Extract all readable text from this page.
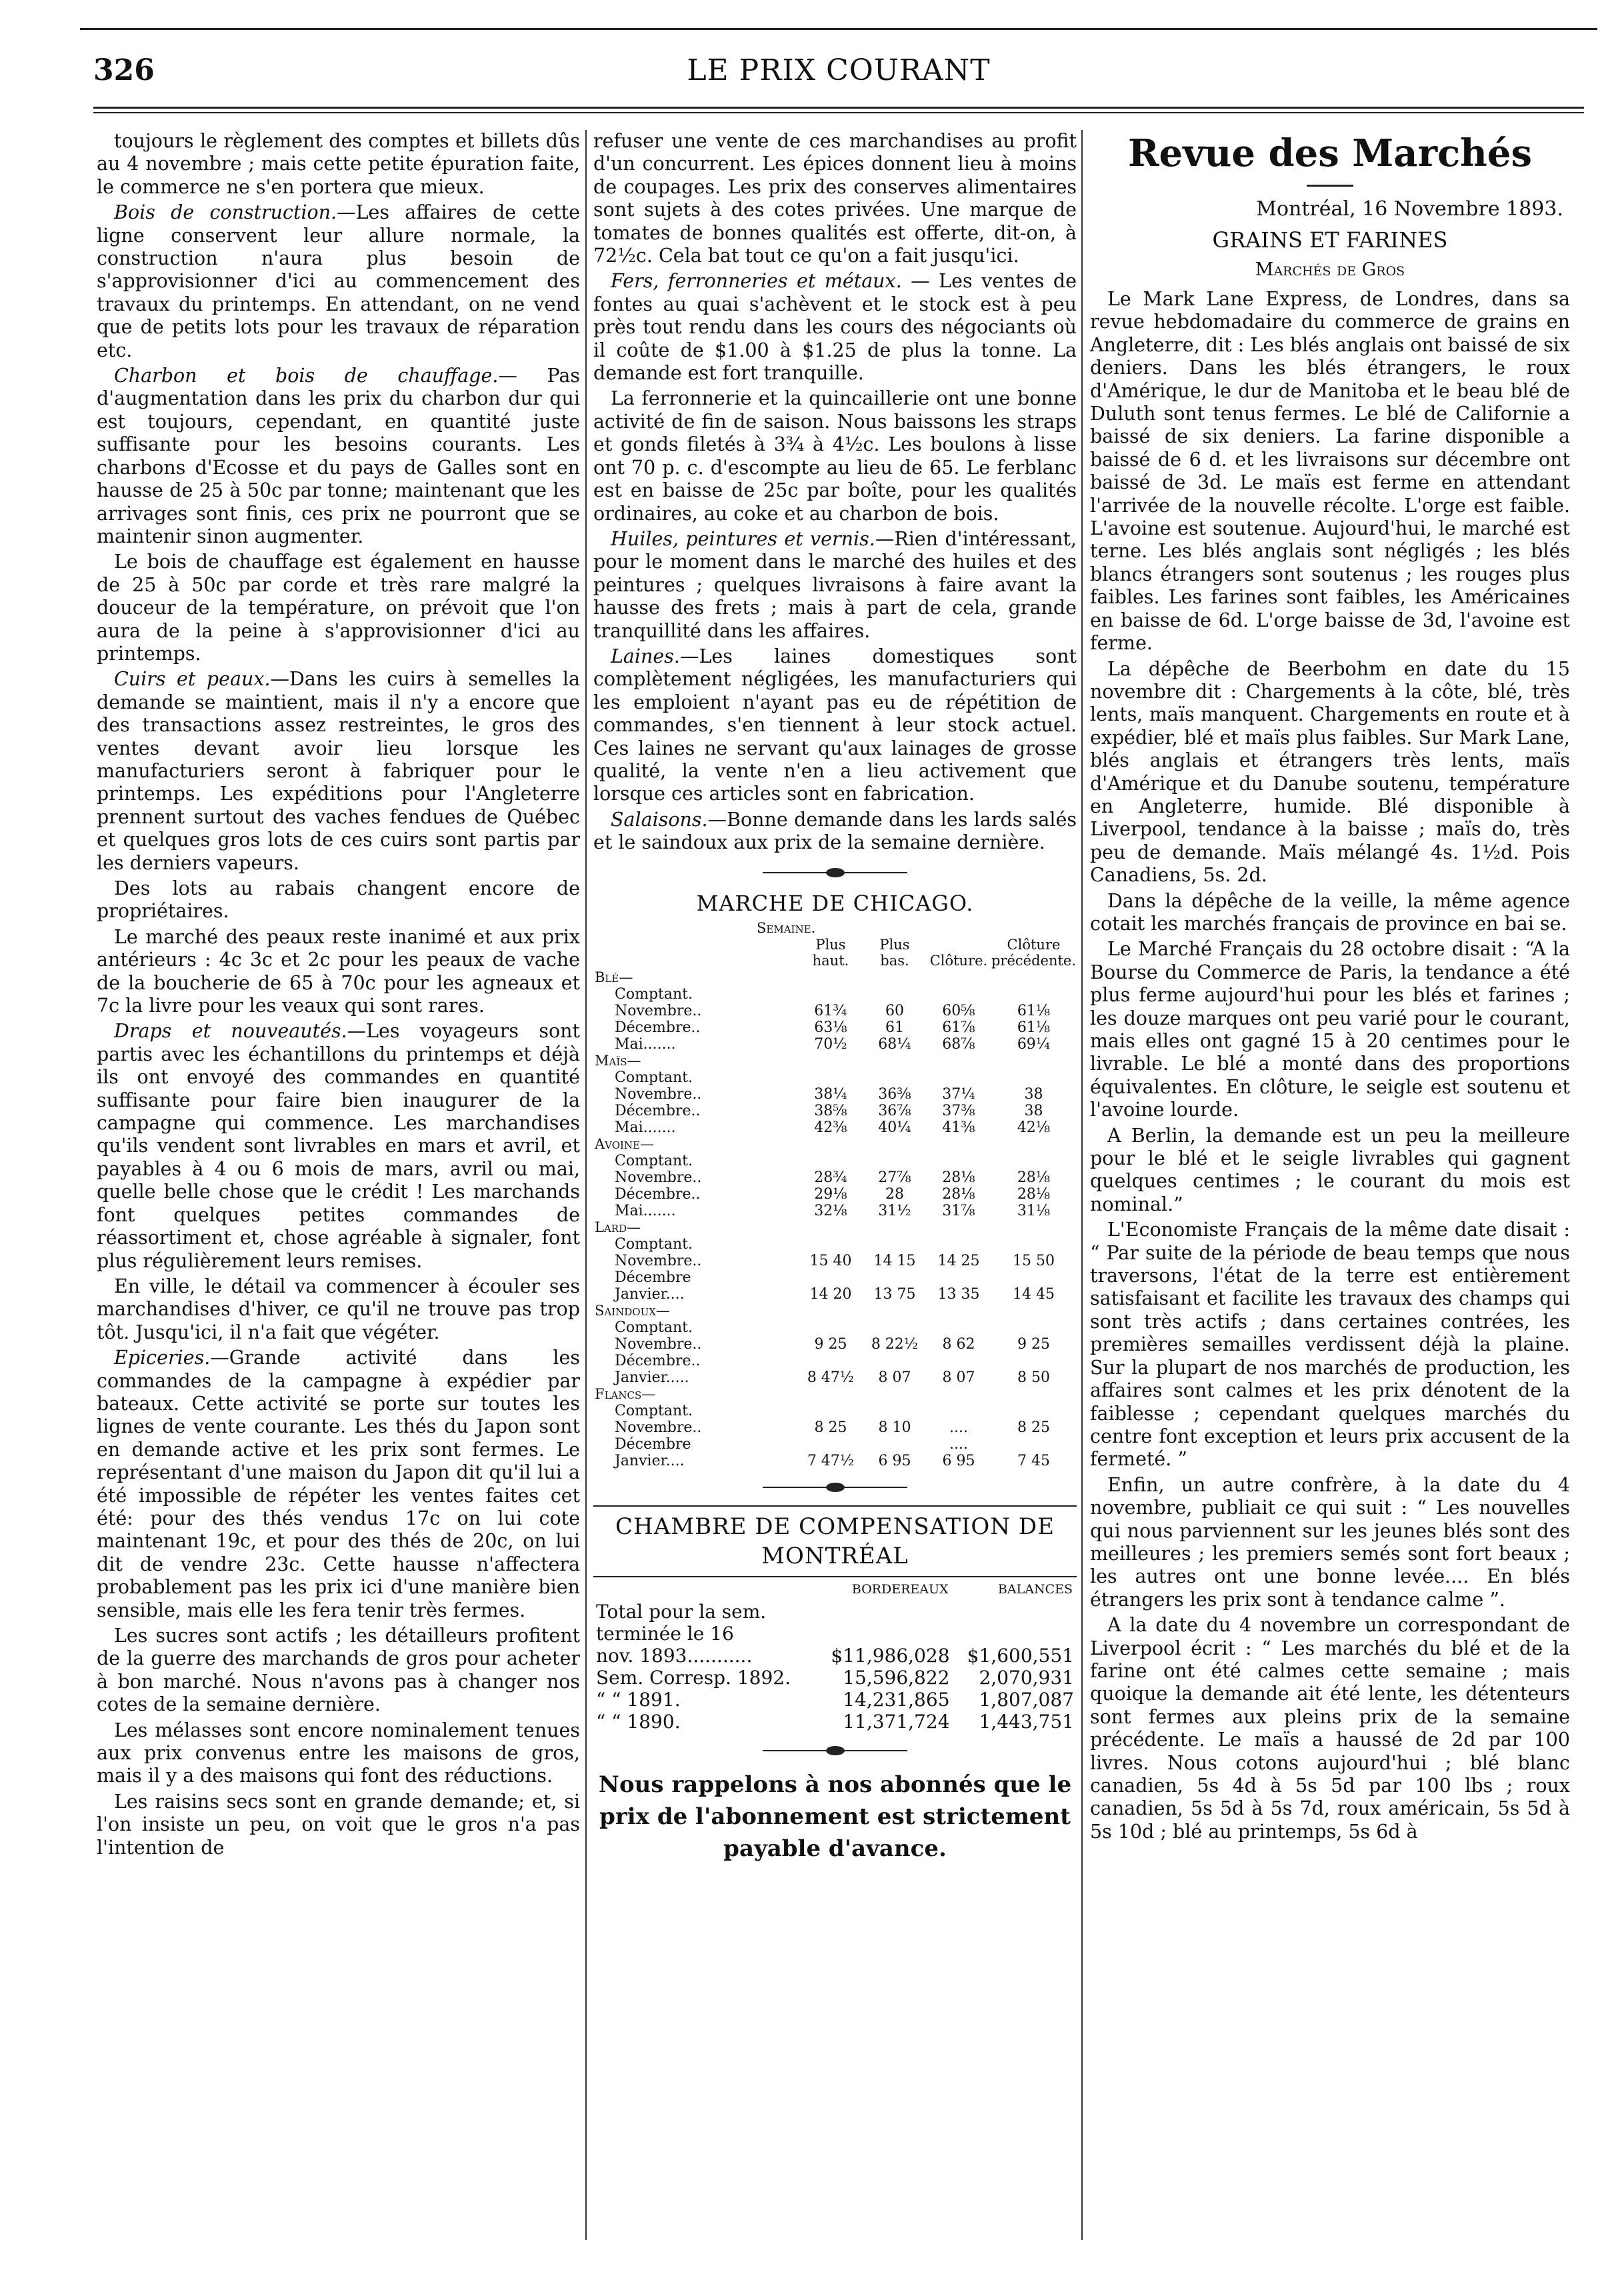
326	LE PRIX COURANT

toujours le règlement des comptes et billets dûs au 4 novembre ; mais cette petite épuration faite, le commerce ne s'en portera que mieux.

Bois de construction.—Les affaires de cette ligne conservent leur allure normale, la construction n'aura plus besoin de s'approvisionner d'ici au commencement des travaux du printemps. En attendant, on ne vend que de petits lots pour les travaux de réparation etc.

Charbon et bois de chauffage.— Pas d'augmentation dans les prix du charbon dur qui est toujours, cependant, en quantité juste suffisante pour les besoins courants. Les charbons d'Ecosse et du pays de Galles sont en hausse de 25 à 50c par tonne; maintenant que les arrivages sont finis, ces prix ne pourront que se maintenir sinon augmenter.

Le bois de chauffage est également en hausse de 25 à 50c par corde et très rare malgré la douceur de la température, on prévoit que l'on aura de la peine à s'approvisionner d'ici au printemps.

Cuirs et peaux.—Dans les cuirs à semelles la demande se maintient, mais il n'y a encore que des transactions assez restreintes, le gros des ventes devant avoir lieu lorsque les manufacturiers seront à fabriquer pour le printemps. Les expéditions pour l'Angleterre prennent surtout des vaches fendues de Québec et quelques gros lots de ces cuirs sont partis par les derniers vapeurs.

Des lots au rabais changent encore de propriétaires.

Le marché des peaux reste inanimé et aux prix antérieurs : 4c 3c et 2c pour les peaux de vache de la boucherie de 65 à 70c pour les agneaux et 7c la livre pour les veaux qui sont rares.

Draps et nouveautés.—Les voyageurs sont partis avec les échantillons du printemps et déjà ils ont envoyé des commandes en quantité suffisante pour faire bien inaugurer de la campagne qui commence. Les marchandises qu'ils vendent sont livrables en mars et avril, et payables à 4 ou 6 mois de mars, avril ou mai, quelle belle chose que le crédit ! Les marchands font quelques petites commandes de réassortiment et, chose agréable à signaler, font plus régulièrement leurs remises.

En ville, le détail va commencer à écouler ses marchandises d'hiver, ce qu'il ne trouve pas trop tôt. Jusqu'ici, il n'a fait que végéter.

Epiceries.—Grande activité dans les commandes de la campagne à expédier par bateaux. Cette activité se porte sur toutes les lignes de vente courante. Les thés du Japon sont en demande active et les prix sont fermes. Le représentant d'une maison du Japon dit qu'il lui a été impossible de répéter les ventes faites cet été: pour des thés vendus 17c on lui cote maintenant 19c, et pour des thés de 20c, on lui dit de vendre 23c. Cette hausse n'affectera probablement pas les prix ici d'une manière bien sensible, mais elle les fera tenir très fermes.

Les sucres sont actifs ; les détailleurs profitent de la guerre des marchands de gros pour acheter à bon marché. Nous n'avons pas à changer nos cotes de la semaine dernière.

Les mélasses sont encore nominalement tenues aux prix convenus entre les maisons de gros, mais il y a des maisons qui font des réductions.

Les raisins secs sont en grande demande; et, si l'on insiste un peu, on voit que le gros n'a pas l'intention de

refuser une vente de ces marchandises au profit d'un concurrent. Les épices donnent lieu à moins de coupages. Les prix des conserves alimentaires sont sujets à des cotes privées. Une marque de tomates de bonnes qualités est offerte, dit-on, à 72½c. Cela bat tout ce qu'on a fait jusqu'ici.

Fers, ferronneries et métaux. — Les ventes de fontes au quai s'achèvent et le stock est à peu près tout rendu dans les cours des négociants où il coûte de $1.00 à $1.25 de plus la tonne. La demande est fort tranquille.

La ferronnerie et la quincaillerie ont une bonne activité de fin de saison. Nous baissons les straps et gonds filetés à 3¾ à 4½c. Les boulons à lisse ont 70 p. c. d'escompte au lieu de 65. Le ferblanc est en baisse de 25c par boîte, pour les qualités ordinaires, au coke et au charbon de bois.

Huiles, peintures et vernis.—Rien d'intéressant, pour le moment dans le marché des huiles et des peintures ; quelques livraisons à faire avant la hausse des frets ; mais à part de cela, grande tranquillité dans les affaires.

Laines.—Les laines domestiques sont complètement négligées, les manufacturiers qui les emploient n'ayant pas eu de répétition de commandes, s'en tiennent à leur stock actuel. Ces laines ne servant qu'aux lainages de grosse qualité, la vente n'en a lieu activement que lorsque ces articles sont en fabrication.

Salaisons.—Bonne demande dans les lards salés et le saindoux aux prix de la semaine dernière.

MARCHE DE CHICAGO.
Semaine.
	Plus haut.	Plus bas.	Clôture.	Clôture précédente.
Blé—				
Comptant.				
Novembre..	61¾	60	60⅝	61⅛
Décembre..	63⅛	61	61⅞	61⅛
Mai.......	70½	68¼	68⅞	69¼
Maïs—				
Comptant.				
Novembre..	38¼	36⅜	37¼	38
Décembre..	38⅝	36⅞	37⅜	38
Mai.......	42⅜	40¼	41⅜	42⅛
Avoine—				
Comptant.				
Novembre..	28¾	27⅞	28⅛	28⅛
Décembre..	29⅛	28	28⅛	28⅛
Mai.......	32⅛	31½	31⅞	31⅛
Lard—				
Comptant.				
Novembre..	15 40	14 15	14 25	15 50
Décembre				
Janvier....	14 20	13 75	13 35	14 45
Saindoux—				
Comptant.				
Novembre..	9 25	8 22½	8 62	9 25
Décembre..				
Janvier.....	8 47½	8 07	8 07	8 50
Flancs—				
Comptant.				
Novembre..	8 25	8 10	....	8 25
Décembre			....	
Janvier....	7 47½	6 95	6 95	7 45
CHAMBRE DE COMPENSATION DE
MONTRÉAL
	BORDEREAUX	BALANCES
Total pour la sem.		
terminée le 16		
nov. 1893...........	$11,986,028	$1,600,551
Sem. Corresp. 1892.	15,596,822	2,070,931
“ “ 1891.	14,231,865	1,807,087
“ “ 1890.	11,371,724	1,443,751
Nous rappelons à nos abonnés que le prix de l'abonnement est strictement payable d'avance.
Revue des Marchés
Montréal, 16 Novembre 1893.
GRAINS ET FARINES
Marchés de Gros

Le Mark Lane Express, de Londres, dans sa revue hebdomadaire du commerce de grains en Angleterre, dit : Les blés anglais ont baissé de six deniers. Dans les blés étrangers, le roux d'Amérique, le dur de Manitoba et le beau blé de Duluth sont tenus fermes. Le blé de Californie a baissé de six deniers. La farine disponible a baissé de 6 d. et les livraisons sur décembre ont baissé de 3d. Le maïs est ferme en attendant l'arrivée de la nouvelle récolte. L'orge est faible. L'avoine est soutenue. Aujourd'hui, le marché est terne. Les blés anglais sont négligés ; les blés blancs étrangers sont soutenus ; les rouges plus faibles. Les farines sont faibles, les Américaines en baisse de 6d. L'orge baisse de 3d, l'avoine est ferme.

La dépêche de Beerbohm en date du 15 novembre dit : Chargements à la côte, blé, très lents, maïs manquent. Chargements en route et à expédier, blé et maïs plus faibles. Sur Mark Lane, blés anglais et étrangers très lents, maïs d'Amérique et du Danube soutenu, température en Angleterre, humide. Blé disponible à Liverpool, tendance à la baisse ; maïs do, très peu de demande. Maïs mélangé 4s. 1½d. Pois Canadiens, 5s. 2d.

Dans la dépêche de la veille, la même agence cotait les marchés français de province en bai se.

Le Marché Français du 28 octobre disait : “A la Bourse du Commerce de Paris, la tendance a été plus ferme aujourd'hui pour les blés et farines ; les douze marques ont peu varié pour le courant, mais elles ont gagné 15 à 20 centimes pour le livrable. Le blé a monté dans des proportions équivalentes. En clôture, le seigle est soutenu et l'avoine lourde.

A Berlin, la demande est un peu la meilleure pour le blé et le seigle livrables qui gagnent quelques centimes ; le courant du mois est nominal.”

L'Economiste Français de la même date disait : “ Par suite de la période de beau temps que nous traversons, l'état de la terre est entièrement satisfaisant et facilite les travaux des champs qui sont très actifs ; dans certaines contrées, les premières semailles verdissent déjà la plaine. Sur la plupart de nos marchés de production, les affaires sont calmes et les prix dénotent de la faiblesse ; cependant quelques marchés du centre font exception et leurs prix accusent de la fermeté. ”

Enfin, un autre confrère, à la date du 4 novembre, publiait ce qui suit : “ Les nouvelles qui nous parviennent sur les jeunes blés sont des meilleures ; les premiers semés sont fort beaux ; les autres ont une bonne levée.... En blés étrangers les prix sont à tendance calme ”.

A la date du 4 novembre un correspondant de Liverpool écrit : “ Les marchés du blé et de la farine ont été calmes cette semaine ; mais quoique la demande ait été lente, les détenteurs sont fermes aux pleins prix de la semaine précédente. Le maïs a haussé de 2d par 100 livres. Nous cotons aujourd'hui ; blé blanc canadien, 5s 4d à 5s 5d par 100 lbs ; roux canadien, 5s 5d à 5s 7d, roux américain, 5s 5d à 5s 10d ; blé au printemps, 5s 6d à
